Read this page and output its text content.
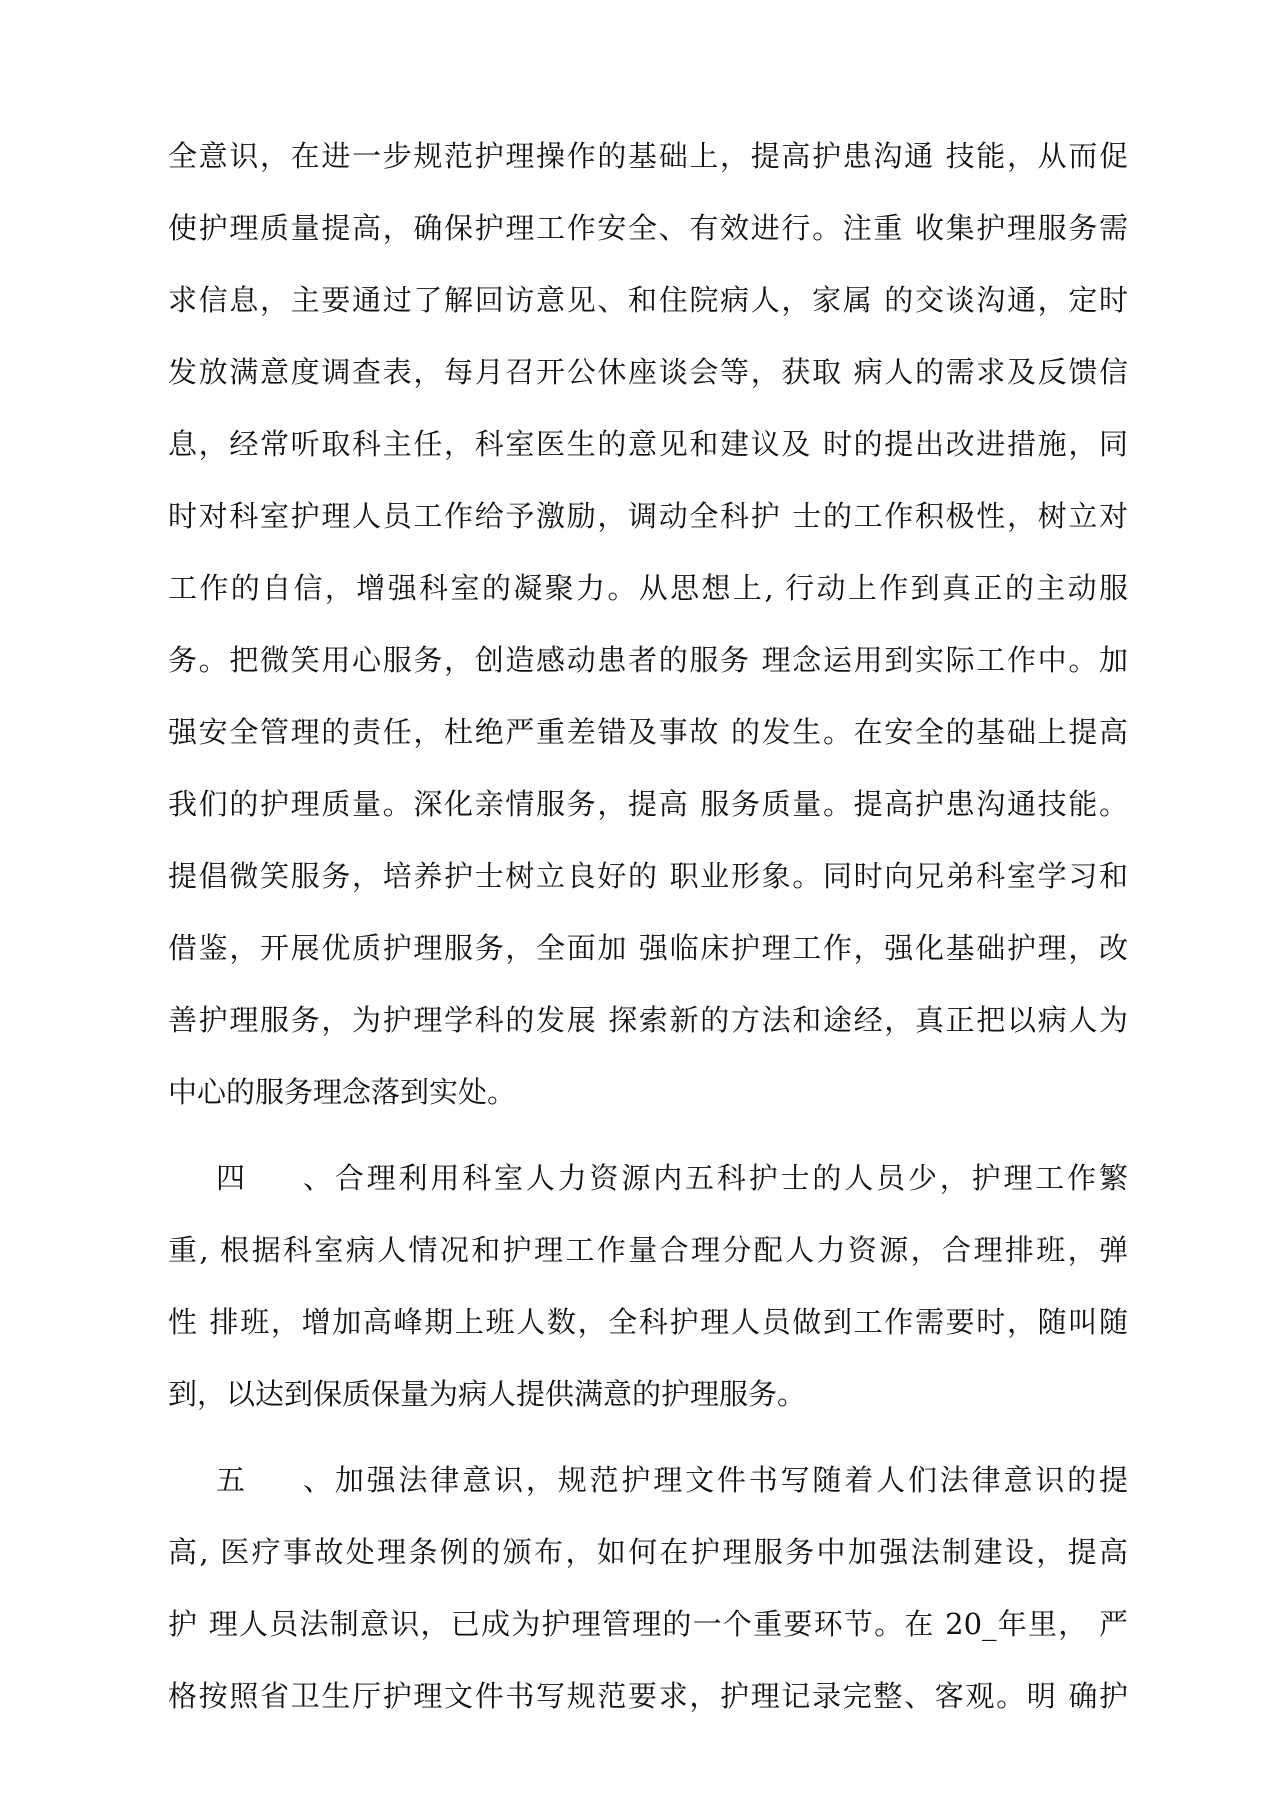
全意识，在进一步规范护理操作的基础上，提高护患沟通 技能，从而促
使护理质量提高，确保护理工作安全、有效进行。注重 收集护理服务需
求信息，主要通过了解回访意见、和住院病人，家属 的交谈沟通，定时
发放满意度调查表，每月召开公休座谈会等，获取 病人的需求及反馈信
息，经常听取科主任，科室医生的意见和建议及 时的提出改进措施，同
时对科室护理人员工作给予激励，调动全科护 士的工作积极性，树立对
工作的自信，增强科室的凝聚力。从思想上, 行动上作到真正的主动服
务。把微笑用心服务，创造感动患者的服务 理念运用到实际工作中。加
强安全管理的责任，杜绝严重差错及事故 的发生。在安全的基础上提高
我们的护理质量。深化亲情服务，提高 服务质量。提高护患沟通技能。
提倡微笑服务，培养护士树立良好的 职业形象。同时向兄弟科室学习和
借鉴，开展优质护理服务，全面加 强临床护理工作，强化基础护理，改
善护理服务，为护理学科的发展 探索新的方法和途经，真正把以病人为
中心的服务理念落到实处。
四、合理利用科室人力资源内五科护士的人员少，护理工作繁
重, 根据科室病人情况和护理工作量合理分配人力资源，合理排班，弹
性 排班，增加高峰期上班人数，全科护理人员做到工作需要时，随叫随
到，以达到保质保量为病人提供满意的护理服务。
五、加强法律意识，规范护理文件书写随着人们法律意识的提
高, 医疗事故处理条例的颁布，如何在护理服务中加强法制建设，提高
护 理人员法制意识，已成为护理管理的一个重要环节。在 20_年里， 严
格按照省卫生厅护理文件书写规范要求，护理记录完整、客观。明 确护
